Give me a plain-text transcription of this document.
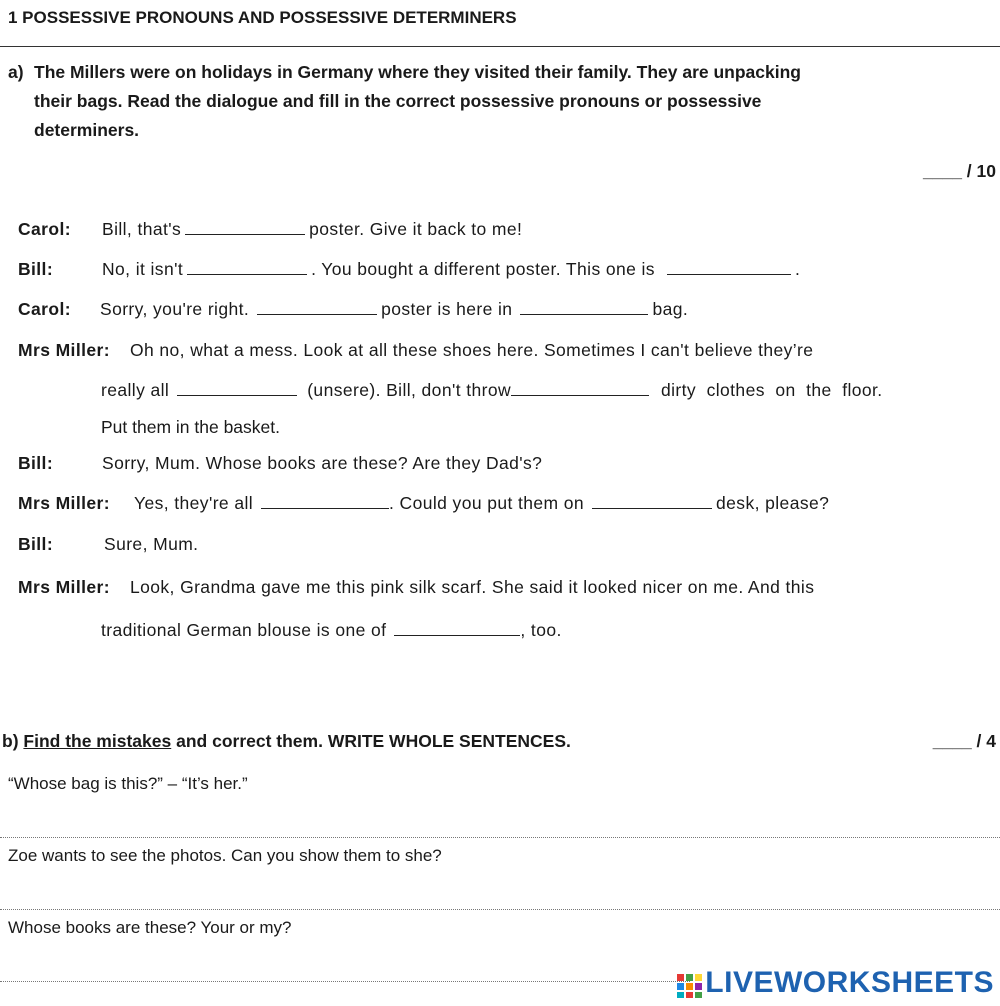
1 POSSESSIVE PRONOUNS AND POSSESSIVE DETERMINERS
a) The Millers were on holidays in Germany where they visited their family. They are unpacking
their bags. Read the dialogue and fill in the correct possessive pronouns or possessive
determiners.
____ / 10
Carol: Bill, that's	poster. Give it back to me!
Bill:	No, it isn't	. You bought a different poster. This one is	.
Carol: Sorry, you're right.	poster is here in	bag.
Mrs Miller: Oh no, what a mess. Look at all these shoes here. Sometimes I can't believe they’re
really all	(unsere). Bill, don't throw	dirty  clothes  on  the  floor.
Put them in the basket.
Bill:	Sorry, Mum. Whose books are these? Are they Dad's?
Mrs Miller: Yes, they're all	. Could you put them on	desk, please?
Bill:	Sure, Mum.
Mrs Miller: Look, Grandma gave me this pink silk scarf. She said it looked nicer on me. And this
traditional German blouse is one of	, too.
b) Find the mistakes and correct them. WRITE WHOLE SENTENCES.	____ / 4
“Whose bag is this?” – “It’s her.”
Zoe wants to see the photos. Can you show them to she?
Whose books are these? Your or my?
LIVEWORKSHEETS
